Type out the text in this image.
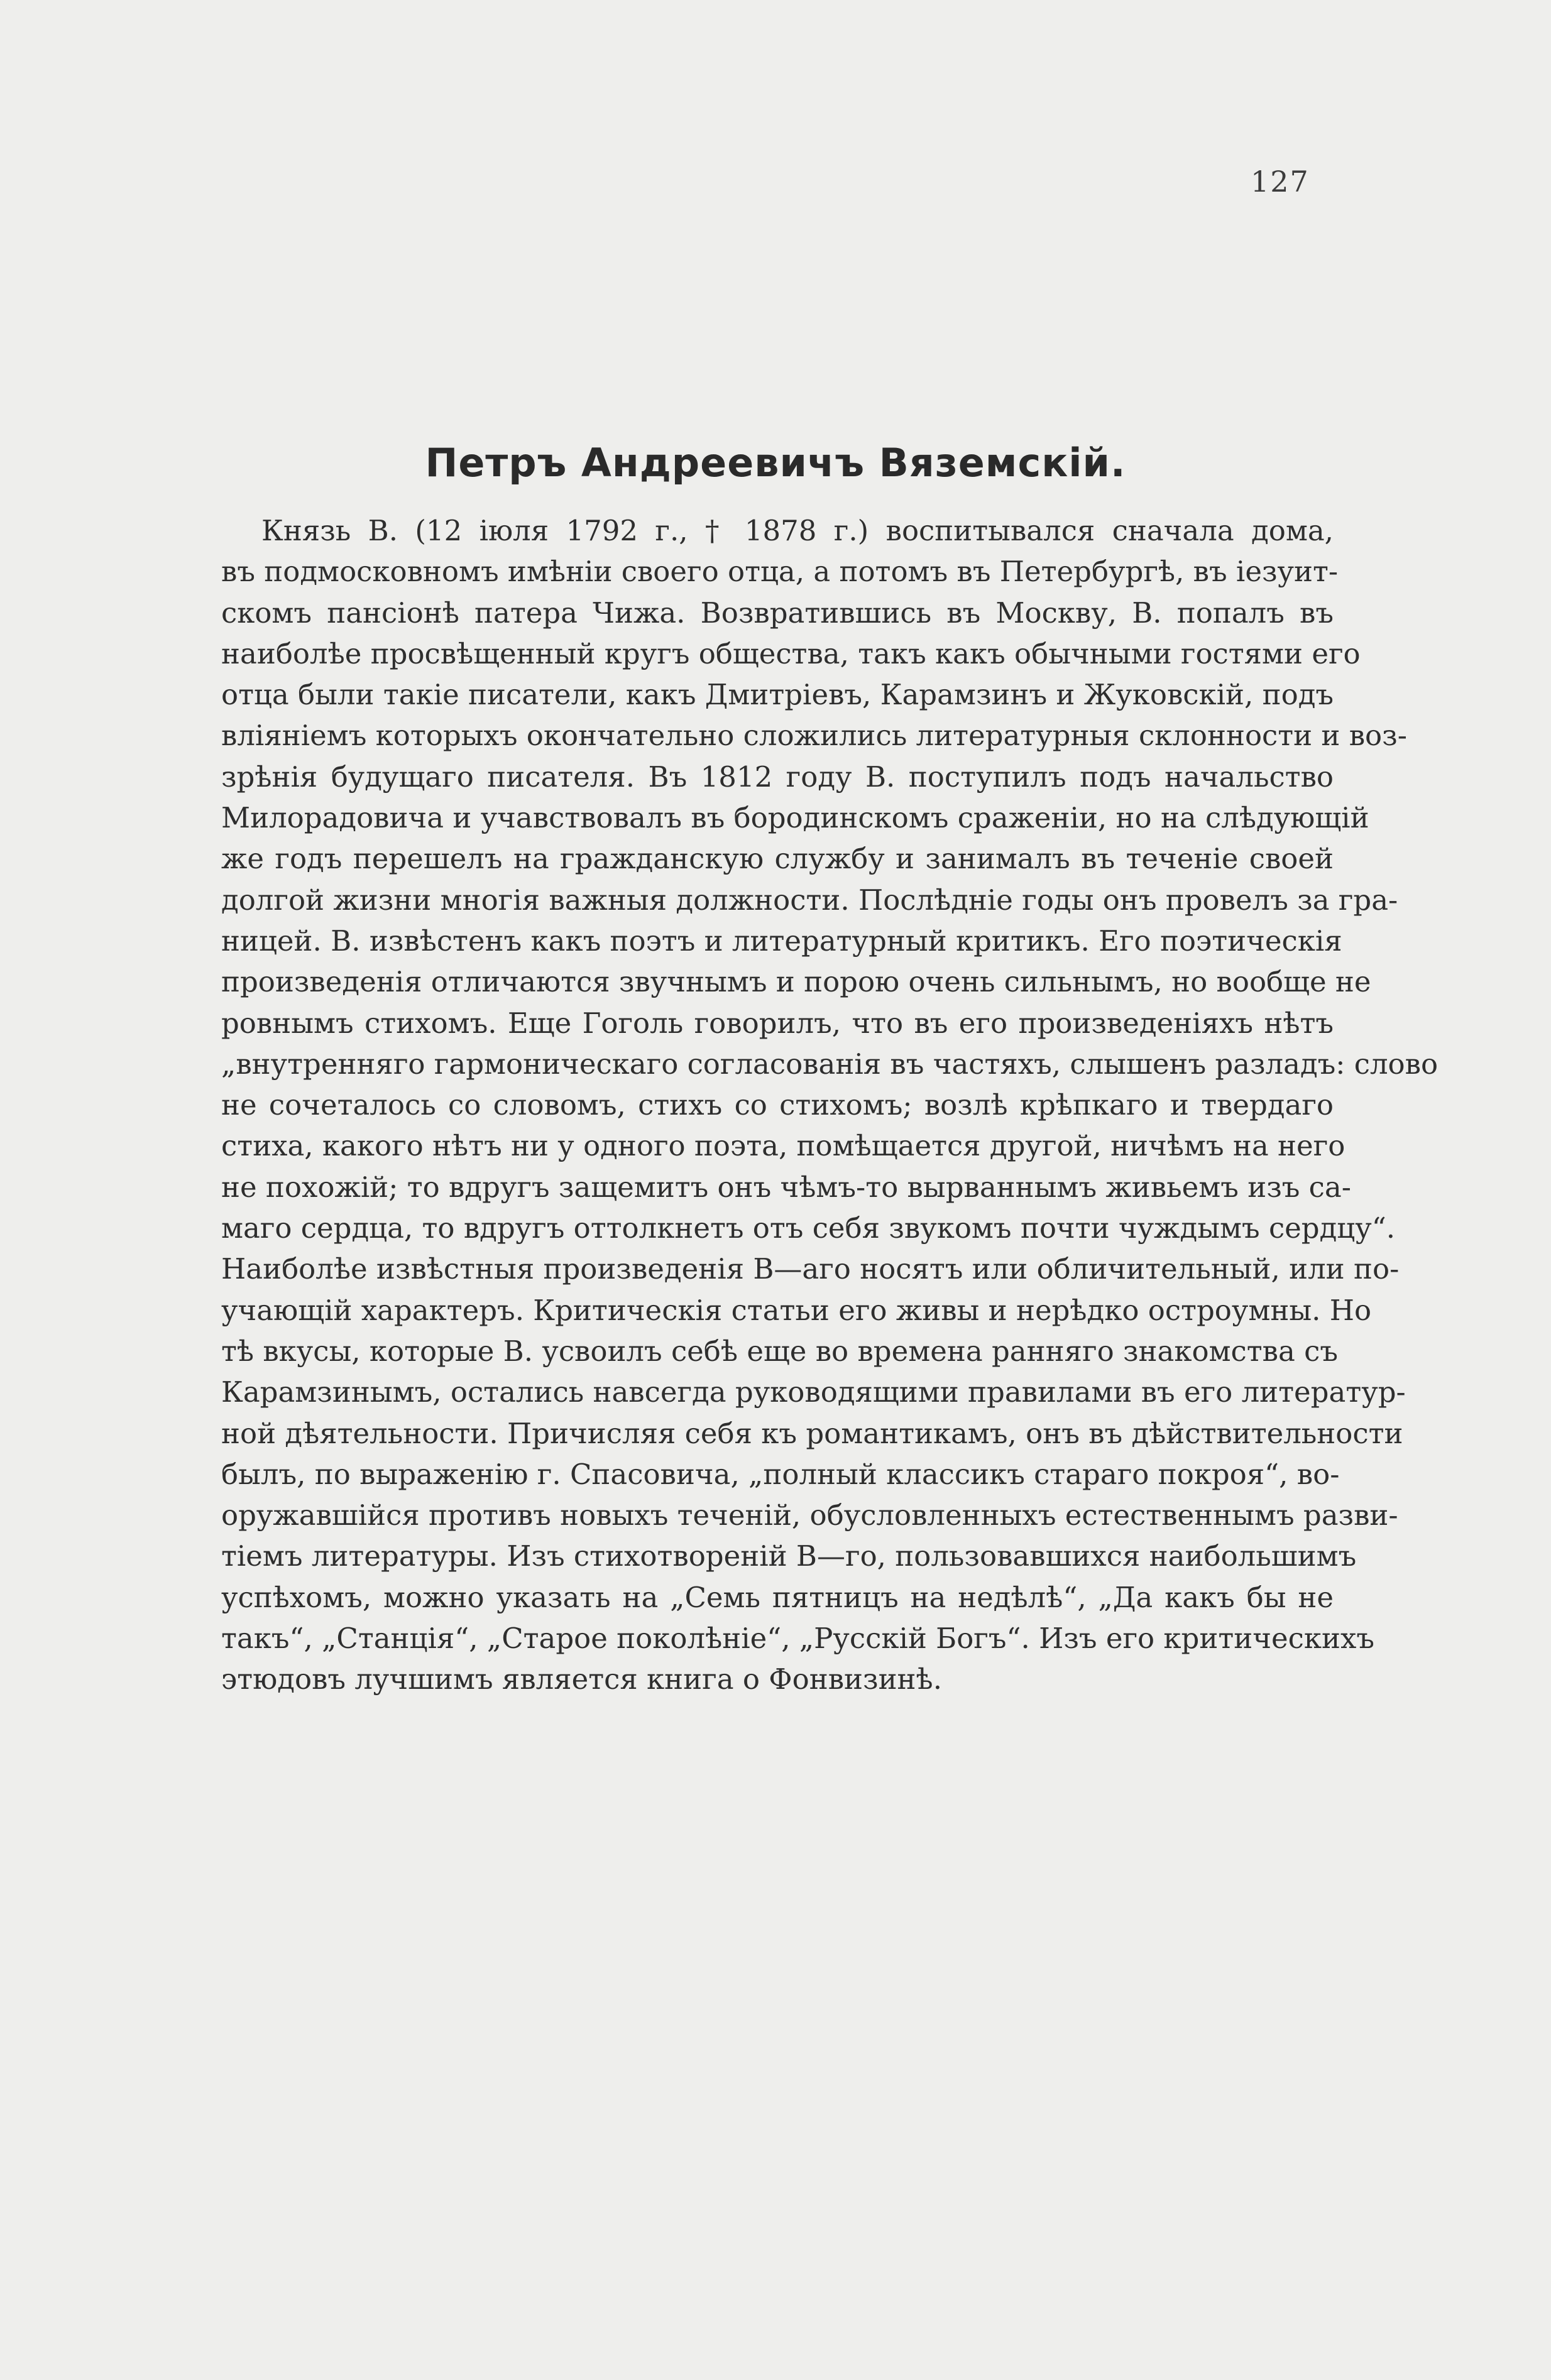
127
Петръ Андреевичъ Вяземскій.
Князь В. (12 іюля 1792 г., † 1878 г.) воспитывался сначала дома,
въ подмосковномъ имѣніи своего отца, а потомъ въ Петербургѣ, въ іезуит-
скомъ пансіонѣ патера Чижа. Возвратившись въ Москву, В. попалъ въ
наиболѣе просвѣщенный кругъ общества, такъ какъ обычными гостями его
отца были такіе писатели, какъ Дмитріевъ, Карамзинъ и Жуковскій, подъ
вліяніемъ которыхъ окончательно сложились литературныя склонности и воз-
зрѣнія будущаго писателя. Въ 1812 году В. поступилъ подъ начальство
Милорадовича и учавствовалъ въ бородинскомъ сраженіи, но на слѣдующій
же годъ перешелъ на гражданскую службу и занималъ въ теченіе своей
долгой жизни многія важныя должности. Послѣдніе годы онъ провелъ за гра-
ницей. В. извѣстенъ какъ поэтъ и литературный критикъ. Его поэтическія
произведенія отличаются звучнымъ и порою очень сильнымъ, но вообще не
ровнымъ стихомъ. Еще Гоголь говорилъ, что въ его произведеніяхъ нѣтъ
„внутренняго гармоническаго согласованія въ частяхъ, слышенъ разладъ: слово
не сочеталось со словомъ, стихъ со стихомъ; возлѣ крѣпкаго и твердаго
стиха, какого нѣтъ ни у одного поэта, помѣщается другой, ничѣмъ на него
не похожій; то вдругъ защемитъ онъ чѣмъ-то вырваннымъ живьемъ изъ са-
маго сердца, то вдругъ оттолкнетъ отъ себя звукомъ почти чуждымъ сердцу“.
Наиболѣе извѣстныя произведенія В—аго носятъ или обличительный, или по-
учающій характеръ. Критическія статьи его живы и нерѣдко остроумны. Но
тѣ вкусы, которые В. усвоилъ себѣ еще во времена ранняго знакомства съ
Карамзинымъ, остались навсегда руководящими правилами въ его литератур-
ной дѣятельности. Причисляя себя къ романтикамъ, онъ въ дѣйствительности
былъ, по выраженію г. Спасовича, „полный классикъ стараго покроя“, во-
оружавшійся противъ новыхъ теченій, обусловленныхъ естественнымъ разви-
тіемъ литературы. Изъ стихотвореній В—го, пользовавшихся наибольшимъ
успѣхомъ, можно указать на „Семь пятницъ на недѣлѣ“, „Да какъ бы не
такъ“, „Станція“, „Старое поколѣніе“, „Русскій Богъ“. Изъ его критическихъ
этюдовъ лучшимъ является книга о Фонвизинѣ.
